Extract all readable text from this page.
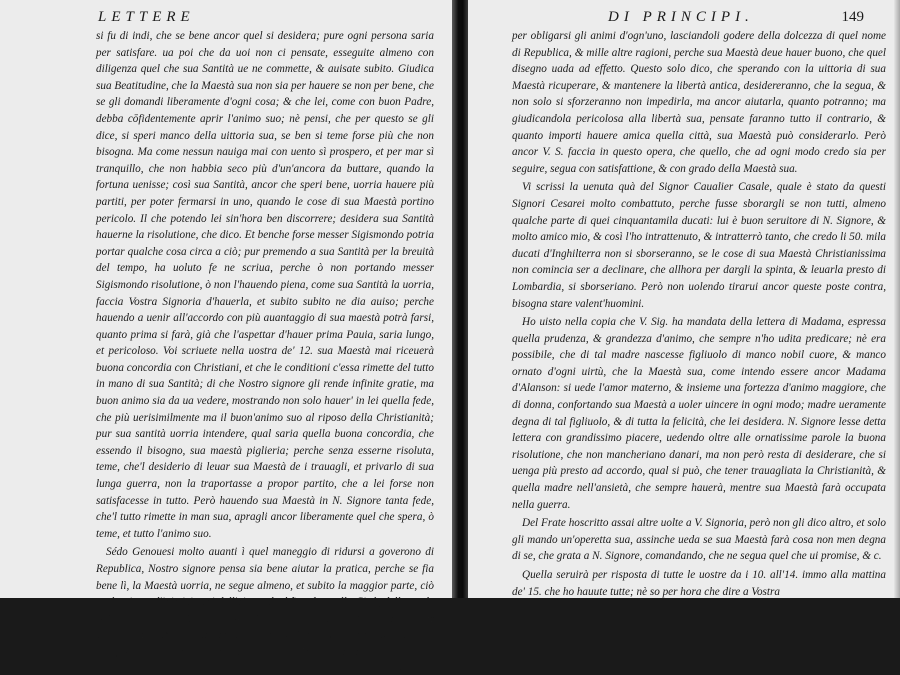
LETTERE

si fu di indi, che se bene ancor quel si desidera; pure ogni persona saria per satisfare. ua poi che da uoi non ci pensate, esseguite almeno con diligenza quel che sua Santità ue ne commette, & auisate subito. Giudica sua Beatitudine, che la Maestà sua non sia per hauere se non per bene, che se gli domandi liberamente d'ogni cosa; & che lei, come con buon Padre, debba cōfidentemente aprir l'animo suo; nè pensi, che per questo se gli dice, si speri manco della uittoria sua, se ben si teme forse più che non bisogna. Ma come nessun nauiga mai con uento sì prospero, et per mar sì tranquillo, che non habbia seco più d'un'ancora da buttare, quando la fortuna uenisse; così sua Santità, ancor che speri bene, uorria hauere più partiti, per poter fermarsi in uno, quando le cose di sua Maestà portino pericolo. Il che potendo lei sin'hora ben discorrere; desidera sua Santità hauerne la risolutione, che dico. Et benche forse messer Sigismondo potria portar qualche cosa circa a ciò; pur premendo a sua Santità per la breuità del tempo, ha uoluto fe ne scriua, perche ò non portando messer Sigismondo risolutione, ò non l'hauendo piena, come sua Santità la uorria, faccia Vostra Signoria d'hauerla, et subito subito ne dia auiso; perche hauendo a uenir all'accordo con più auantaggio di sua maestà potrà farsi, quanto prima si farà, già che l'aspettar d'hauer prima Pauia, saria lungo, et pericoloso. Voi scriuete nella uostra de' 12. sua Maestà mai riceuerà buona concordia con Christiani, et che le conditioni c'essa rimette del tutto in mano di sua Santità; di che Nostro signore gli rende infinite gratie, ma buon animo sia da ua vedere, mostrando non solo hauer' in lei quella fede, che più uerisimilmente ma il buon'animo suo al riposo della Christianità; pur sua santità uorria intendere, qual saria quella buona concordia, che essendo il bisogno, sua maestà piglieria; perche senza esserne risoluta, teme, che'l desiderio di leuar sua Maestà de i trauagli, et privarlo di sua lunga guerra, non la traportasse a propor partito, che a lei forse non satisfacesse in tutto. Però hauendo sua Maestà in N. Signore tanta fede, che'l tutto rimette in man sua, apragli ancor liberamente quel che spera, ò teme, et tutto l'animo suo.

Sédo Genouesi molto auanti ì quel maneggio di ridursi a goverono di Republica, Nostro signore pensa sia bene aiutar la pratica, perche se fia bene lì, la Maestà uorria, ne segue almeno, et subito la maggior parte, ciò sarà priuar gl'inimici suoi dell'aiuto, che hãno da quella Città, della quale potria poi in ogni tēpo sua Maestà ualersi più che habbia massimi, & quelle forze, che per tal concordia de' cittadini uorriano accrescere in essa, potria riputar sue; non dico quanto sua Maestà saria

per
DI PRINCIPI.	149

per obligarsi gli animi d'ogn'uno, lasciandoli godere della dolcezza di quel nome di Republica, & mille altre ragioni, perche sua Maestà deue hauer buono, che quel disegno uada ad effetto. Questo solo dico, che sperando con la uittoria di sua Maestà ricuperare, & mantenere la libertà antica, desidereranno, che la segua, & non solo si sforzeranno non impedirla, ma ancor aiutarla, quanto potranno; ma giudicandola pericolosa alla libertà sua, pensate faranno tutto il contrario, & quanto importi hauere amica quella città, sua Maestà può considerarlo. Però ancor V. S. faccia in questo opera, che quello, che ad ogni modo credo sia per seguire, segua con satisfattione, & con grado della Maestà sua.

Vi scrissi la uenuta quà del Signor Caualier Casale, quale è stato da questi Signori Cesarei molto combattuto, perche fusse sborargli se non tutti, almeno qualche parte di quei cinquantamila ducati: lui è buon seruitore di N. Signore, & molto amico mio, & così l'ho intrattenuto, & intratterrò tanto, che credo li 50. mila ducati d'Inghilterra non si sborseranno, se le cose di sua Maestà Christianissima non comincia ser a declinare, che allhora per dargli la spinta, & leuarla presto di Lombardia, si sborseriano. Però non uolendo tirarui ancor queste poste contra, bisogna stare valent'huomini.

Ho uisto nella copia che V. Sig. ha mandata della lettera di Madama, espressa quella prudenza, & grandezza d'animo, che sempre n'ho udita predicare; nè era possibile, che di tal madre nascesse figliuolo di manco nobil cuore, & manco ornato d'ogni uirtù, che la Maestà sua, come intendo essere ancor Madama d'Alanson: si uede l'amor materno, & insieme una fortezza d'animo maggiore, che di donna, confortando sua Maestà a uoler uincere in ogni modo; madre ueramente degna di tal figliuolo, & di tutta la felicità, che lei desidera. N. Signore lesse detta lettera con grandissimo piacere, uedendo oltre alle ornatissime parole la buona risolutione, che non mancheriano danari, ma non però resta di desiderare, che si uenga più presto ad accordo, qual si può, che tener trauagliata la Christianità, & quella madre nell'ansietà, che sempre hauerà, mentre sua Maestà farà occupata nella guerra.

Del Frate hoscritto assai altre uolte a V. Signoria, però non gli dico altro, et solo gli mando un'operetta sua, assinche ueda se sua Maestà farà cosa non men degna di se, che grata a N. Signore, comandando, che ne segua quel che ui promise, & c.

Quella seruirà per risposta di tutte le uostre da i 10. all'14. immo alla mattina de' 15. che ho hauute tutte; nè so per hora che dire a Vostra

Si-
